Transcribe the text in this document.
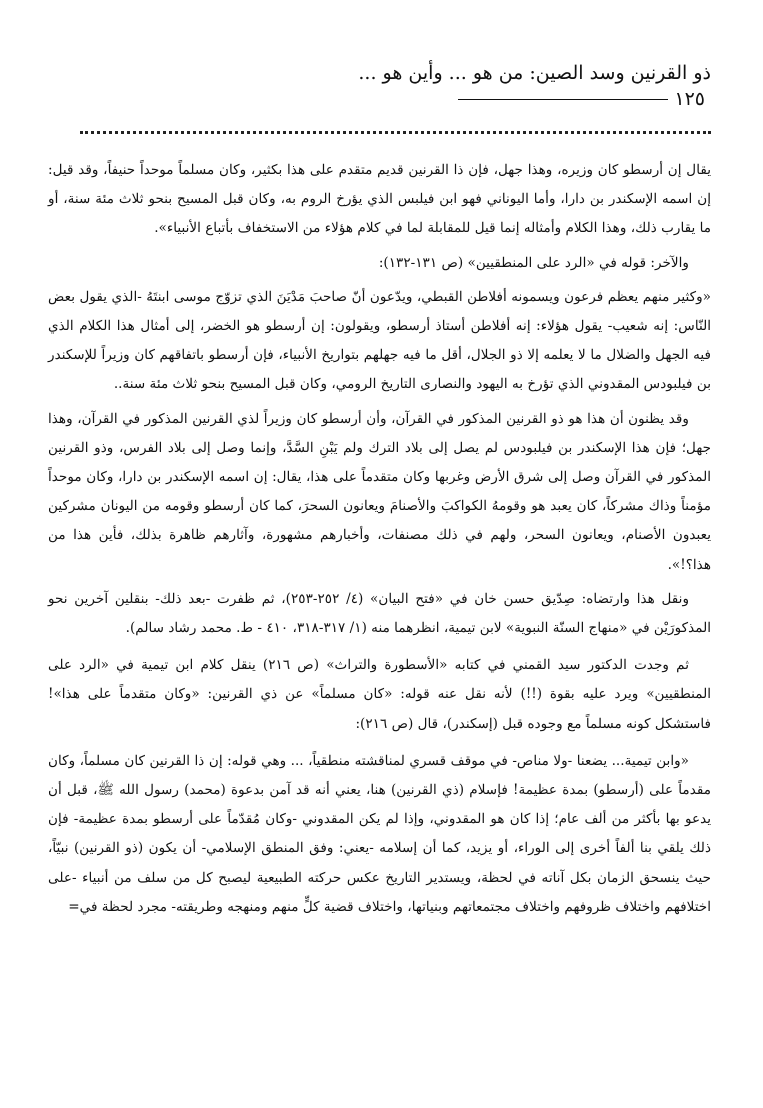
ذو القرنين وسد الصين: من هو ... وأين هو ...
١٢٥

يقال إن أرسطو كان وزيره، وهذا جهل، فإن ذا القرنين قديم متقدم على هذا بكثير، وكان مسلماً موحداً حنيفاً، وقد قيل: إن اسمه الإسكندر بن دارا، وأما اليوناني فهو ابن فيلبس الذي يؤرخ الروم به، وكان قبل المسيح بنحو ثلاث مئة سنة، أو ما يقارب ذلك، وهذا الكلام وأمثاله إنما قيل للمقابلة لما في كلام هؤلاء من الاستخفاف بأتباع الأنبياء».

والآخر: قوله في «الرد على المنطقيين» (ص ١٣١-١٣٢):

«وكثير منهم يعظم فرعون ويسمونه أفلاطن القبطي، ويدّعون أنّ صاحبَ مَدْيَنَ الذي تزوّج موسى ابنتَهُ -الذي يقول بعض النّاس: إنه شعيب- يقول هؤلاء: إنه أفلاطن أستاذ أرسطو، ويقولون: إن أرسطو هو الخضر، إلى أمثال هذا الكلام الذي فيه الجهل والضلال ما لا يعلمه إلا ذو الجلال، أقل ما فيه جهلهم بتواريخ الأنبياء، فإن أرسطو باتفاقهم كان وزيراً للإسكندر بن فيلبودس المقدوني الذي تؤرخ به اليهود والنصارى التاريخ الرومي، وكان قبل المسيح بنحو ثلاث مئة سنة..

وقد يظنون أن هذا هو ذو القرنين المذكور في القرآن، وأن أرسطو كان وزيراً لذي القرنين المذكور في القرآن، وهذا جهل؛ فإن هذا الإسكندر بن فيلبودس لم يصل إلى بلاد الترك ولم يَبْنِ السَّدَّ، وإنما وصل إلى بلاد الفرس، وذو القرنين المذكور في القرآن وصل إلى شرق الأرض وغربها وكان متقدماً على هذا، يقال: إن اسمه الإسكندر بن دارا، وكان موحداً مؤمناً وذاك مشركاً، كان يعبد هو وقومهُ الكواكبَ والأصنامَ ويعانون السحرَ، كما كان أرسطو وقومه من اليونان مشركين يعبدون الأصنام، ويعانون السحر، ولهم في ذلك مصنفات، وأخبارهم مشهورة، وآثارهم ظاهرة بذلك، فأين هذا من هذا؟!».

ونقل هذا وارتضاه: صِدّيق حسن خان في «فتح البيان» (٤/ ٢٥٢-٢٥٣)، ثم ظفرت -بعد ذلك- بنقلين آخرين نحو المذكورَيْن في «منهاج السنّة النبوية» لابن تيمية، انظرهما منه (١/ ٣١٧-٣١٨، ٤١٠ - ط. محمد رشاد سالم).

ثم وجدت الدكتور سيد القمني في كتابه «الأسطورة والتراث» (ص ٢١٦) ينقل كلام ابن تيمية في «الرد على المنطقيين» ويرد عليه بقوة (!!) لأنه نقل عنه قوله: «كان مسلماً» عن ذي القرنين: «وكان متقدماً على هذا»! فاستشكل كونه مسلماً مع وجوده قبل (إسكندر)، قال (ص ٢١٦):

«وابن تيمية... يضعنا -ولا مناص- في موقف قسري لمناقشته منطقياً، ... وهي قوله: إن ذا القرنين كان مسلماً، وكان مقدماً على (أرسطو) بمدة عظيمة! فإسلام (ذي القرنين) هنا، يعني أنه قد آمن بدعوة (محمد) رسول الله ﷺ، قبل أن يدعو بها بأكثر من ألف عام؛ إذا كان هو المقدوني، وإذا لم يكن المقدوني -وكان مُقدّماً على أرسطو بمدة عظيمة- فإن ذلك يلقي بنا ألفاً أخرى إلى الوراء، أو يزيد، كما أن إسلامه -يعني: وفق المنطق الإسلامي- أن يكون (ذو القرنين) نبيّاً، حيث ينسحق الزمان بكل آناته في لحظة، ويستدير التاريخ عكس حركته الطبيعية ليصبح كل من سلف من أنبياء -على اختلافهم واختلاف ظروفهم واختلاف مجتمعاتهم وبنياتها، واختلاف قضية كلٍّ منهم ومنهجه وطريقته- مجرد لحظة في=
